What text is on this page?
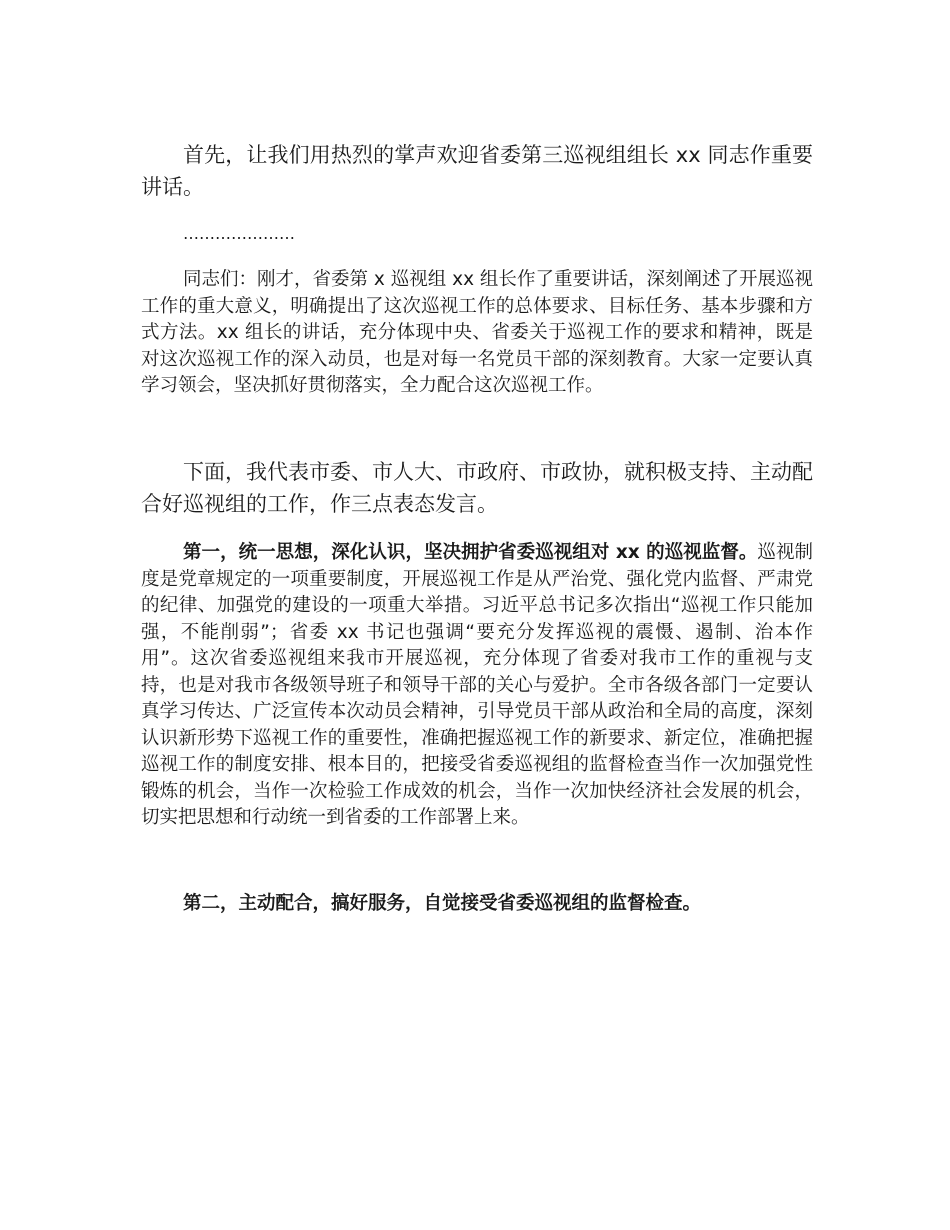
首先，让我们用热烈的掌声欢迎省委第三巡视组组长 xx 同志作重要讲话。

…………………

同志们：刚才，省委第 x 巡视组 xx 组长作了重要讲话，深刻阐述了开展巡视工作的重大意义，明确提出了这次巡视工作的总体要求、目标任务、基本步骤和方式方法。xx 组长的讲话，充分体现中央、省委关于巡视工作的要求和精神，既是对这次巡视工作的深入动员，也是对每一名党员干部的深刻教育。大家一定要认真学习领会，坚决抓好贯彻落实，全力配合这次巡视工作。

下面，我代表市委、市人大、市政府、市政协，就积极支持、主动配合好巡视组的工作，作三点表态发言。

第一，统一思想，深化认识，坚决拥护省委巡视组对 xx 的巡视监督。巡视制度是党章规定的一项重要制度，开展巡视工作是从严治党、强化党内监督、严肃党的纪律、加强党的建设的一项重大举措。习近平总书记多次指出“巡视工作只能加强，不能削弱”；省委 xx 书记也强调“要充分发挥巡视的震慑、遏制、治本作用”。这次省委巡视组来我市开展巡视，充分体现了省委对我市工作的重视与支持，也是对我市各级领导班子和领导干部的关心与爱护。全市各级各部门一定要认真学习传达、广泛宣传本次动员会精神，引导党员干部从政治和全局的高度，深刻认识新形势下巡视工作的重要性，准确把握巡视工作的新要求、新定位，准确把握巡视工作的制度安排、根本目的，把接受省委巡视组的监督检查当作一次加强党性锻炼的机会，当作一次检验工作成效的机会，当作一次加快经济社会发展的机会，切实把思想和行动统一到省委的工作部署上来。

第二，主动配合，搞好服务，自觉接受省委巡视组的监督检查。
